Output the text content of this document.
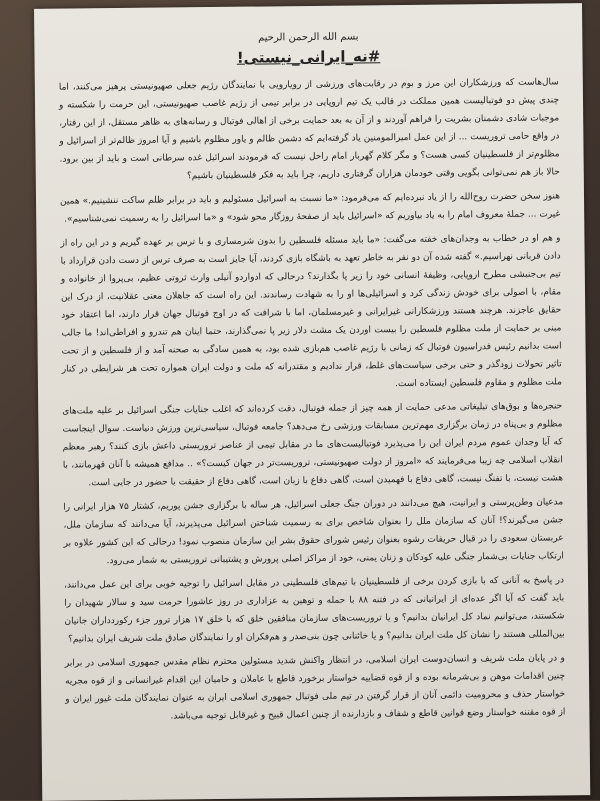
بسم الله الرحمن الرحیم

#نه_ایرانی_نیستی!

سال‌هاست که ورزشکاران این مرز و بوم در رقابت‌های ورزشی از رویارویی با نمایندگان رژیم جعلی صهیونیستی پرهیز می‌کنند، اما چندی پیش دو فوتبالیست همین مملکت در قالب یک تیم اروپایی در برابر تیمی از رژیم غاصب صهیونیستی، این حرمت را شکسته و موجبات شادی دشمنان بشریت را فراهم آوردند و از آن به بعد حمایت برخی از اهالی فوتبال و رسانه‌های به ظاهر مستقل، از این رفتار، در واقع حامی تروریست ... از این عمل امیرالمومنین یاد گرفته‌ایم که دشمن ظالم و یاور مظلوم باشیم و آیا امروز ظالم‌تر از اسرائیل و مظلوم‌تر از فلسطینیان کسی هست؟ و مگر کلام گهربار امام راحل نیست که فرمودند اسرائیل غده سرطانی است و باید از بین برود. حالا باز هم نمی‌توانی بگویی وقتی خودمان هزاران گرفتاری داریم، چرا باید به فکر فلسطینیان باشیم؟

هنوز سخن حضرت روح‌الله را از یاد نبرده‌ایم که می‌فرمود: «ما نسبت به اسرائیل مسئولیم و باید در برابر ظلم ساکت ننشینیم.» همین غیرت ... جملهٔ معروف امام را به یاد بیاوریم که «اسرائیل باید از صفحهٔ روزگار محو شود» و «ما اسرائیل را به رسمیت نمی‌شناسیم».

و هم او در خطاب به وجدان‌های خفته می‌گفت: «ما باید مسئله فلسطین را بدون شرمساری و با ترس بر عهده گیریم و در این راه از دادن قربانی نهراسیم.» گفته شده آن دو نفر به خاطر تعهد به باشگاه بازی کردند، آیا جایز است به صرف ترس از دست دادن قرارداد با تیم بی‌جنبشی مطرح اروپایی، وظیفهٔ انسانی خود را زیر پا بگذارند؟ درحالی که ادواردو آنیلی وارث ثروتی عظیم، بی‌پروا از خانواده و مقام، با اصولی برای خودش زندگی کرد و اسرائیلی‌ها او را به شهادت رساندند. این راه است که جاهلان معنی عقلانیت، از درک این حقایق عاجزند. هرچند هستند ورزشکارانی غیرایرانی و غیرمسلمان، اما با شرافت که در اوج فوتبال جهان قرار دارند، اما اعتقاد خود مبنی بر حمایت از ملت مظلوم فلسطین را بیست اوردن یک مشت دلار زیر پا نمی‌گذارند، حتما اینان هم تندرو و افراطی‌اند! ما جالب است بدانیم رئیس فدراسیون فوتبال که زمانی با رژیم غاصب هم‌بازی شده بود، به همین سادگی به صحنه آمد و از فلسطین و از تحت تاثیر تحولات زودگذر و حتی برخی سیاست‌های غلط، قرار ندادیم و مقتدرانه که ملت و دولت ایران همواره تحت هر شرایطی در کنار ملت مظلوم و مقاوم فلسطین ایستاده است.

حنجره‌ها و بوق‌های تبلیغاتی مدعی حمایت از همه چیز از جمله فوتبال، دقت کرده‌اند که اغلب جنایات جنگی اسرائیل بر علیه ملت‌های مظلوم و بی‌پناه در زمان برگزاری مهم‌ترین مسابقات ورزشی رخ می‌دهد؟ جامعه فوتبال، سیاسی‌ترین ورزش دنیاست. سوال اینجاست که آیا وجدان عموم مردم ایران این را می‌پذیرد فوتبالیست‌های ما در مقابل تیمی از عناصر تروریستی داعش بازی کنند؟ رهبر معظم انقلاب اسلامی چه زیبا می‌فرمایند که «امروز از دولت صهیونیستی، تروریست‌تر در جهان کیست؟» .. مدافع همیشه با آنان قهرمانند، با هشت نیست، با تفنگ نیست، گاهی دفاع با فهمیدن است، گاهی دفاع با زبان است، گاهی دفاع از حقیقت با حضور در جایی است.

مدعیان وطن‌پرستی و ایرانیت، هیچ می‌دانند در دوران جنگ جعلی اسرائیل، هر ساله با برگزاری جشن پوریم، کشتار ۷۵ هزار ایرانی را جشن می‌گیرند؟! آنان که سازمان ملل را بعنوان شاخص برای به رسمیت شناختن اسرائیل می‌پذیرند، آیا می‌دانند که سازمان ملل، عربستان سعودی را در قبال حریفات رشوه بعنوان رئیس شورای حقوق بشر این سازمان منصوب نمود! درحالی که این کشور علاوه بر ارتکاب جنایات بی‌شمار جنگی علیه کودکان و زنان یمنی، خود از مراکز اصلی پرورش و پشتیبانی تروریستی به شمار می‌رود.

در پاسخ به آنانی که با بازی کردن برخی از فلسطینیان با تیم‌های فلسطینی در مقابل اسرائیل را توجیه خوبی برای این عمل می‌دانند، باید گفت که آیا اگر عده‌ای از ایرانیانی که در فتنه ۸۸ با حمله و توهین به عزاداری در روز عاشورا حرمت سید و سالار شهیدان را شکستند، می‌توانیم نماد کل ایرانیان بدانیم؟ و یا تروریست‌های سازمان منافقین خلق که با خلق ۱۷ هزار ترور جزء رکوردداران جانیان بین‌المللی هستند را نشان کل ملت ایران بدانیم؟ و یا خائنانی چون بنی‌صدر و هم‌فکران او را نمایندگان صادق ملت شریف ایران بدانیم؟

و در پایان ملت شریف و انسان‌دوست ایران اسلامی، در انتظار واکنش شدید مسئولین محترم نظام مقدس جمهوری اسلامی در برابر چنین اقدامات موهن و بی‌شرمانه بوده و از قوه قضاییه خواستار برخورد قاطع با عاملان و حامیان این اقدام غیرانسانی و از قوه مجریه خواستار حذف و محرومیت دائمی آنان از قرار گرفتن در تیم ملی فوتبال جمهوری اسلامی ایران به عنوان نمایندگان ملت غیور ایران و از قوه مقننه خواستار وضع قوانین قاطع و شفاف و بازدارنده از چنین اعمال قبیح و غیرقابل توجیه می‌باشد.
